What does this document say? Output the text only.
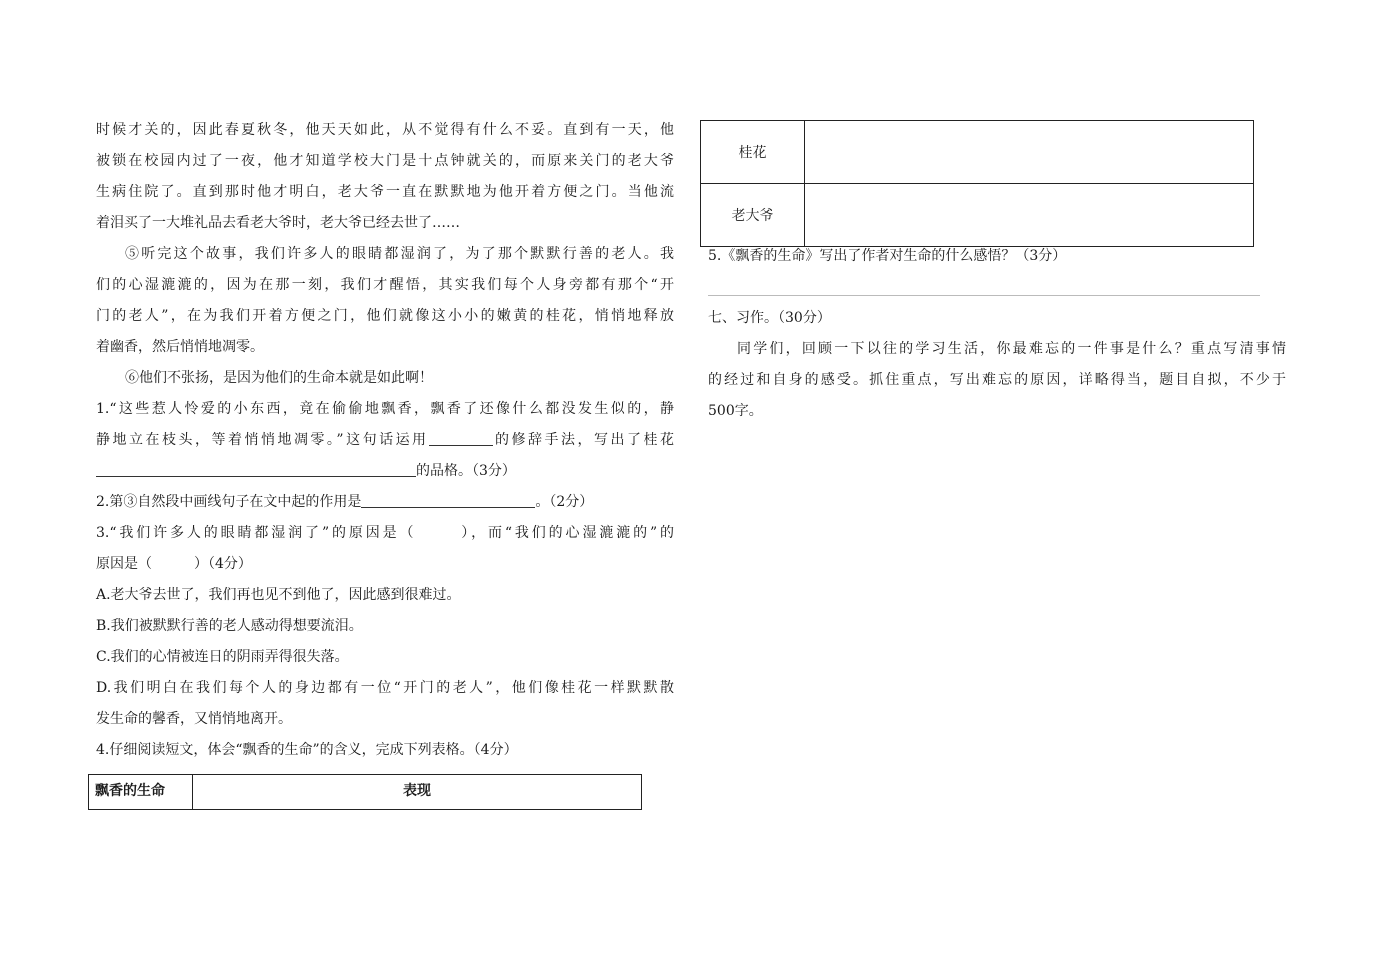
时候才关的，因此春夏秋冬，他天天如此，从不觉得有什么不妥。直到有一天，他
被锁在校园内过了一夜，他才知道学校大门是十点钟就关的，而原来关门的老大爷
生病住院了。直到那时他才明白，老大爷一直在默默地为他开着方便之门。当他流
着泪买了一大堆礼品去看老大爷时，老大爷已经去世了……
⑤听完这个故事，我们许多人的眼睛都湿润了，为了那个默默行善的老人。我
们的心湿漉漉的，因为在那一刻，我们才醒悟，其实我们每个人身旁都有那个“开
门的老人”，在为我们开着方便之门，他们就像这小小的嫩黄的桂花，悄悄地释放
着幽香，然后悄悄地凋零。
⑥他们不张扬，是因为他们的生命本就是如此啊！
1.“这些惹人怜爱的小东西，竟在偷偷地飘香，飘香了还像什么都没发生似的，静
静地立在枝头，等着悄悄地凋零。”这句话运用	的修辞手法，写出了桂花
的品格。（3分）
2.第③自然段中画线句子在文中起的作用是	。（2分）
3.“我们许多人的眼睛都湿润了”的原因是（	），而“我们的心湿漉漉的”的
原因是（	）（4分）
A.老大爷去世了，我们再也见不到他了，因此感到很难过。
B.我们被默默行善的老人感动得想要流泪。
C.我们的心情被连日的阴雨弄得很失落。
D.我们明白在我们每个人的身边都有一位“开门的老人”，他们像桂花一样默默散
发生命的馨香，又悄悄地离开。
4.仔细阅读短文，体会“飘香的生命”的含义，完成下列表格。（4分）
飘香的生命	表现
桂花	
老大爷	
5.《飘香的生命》写出了作者对生命的什么感悟？（3分）
七、习作。（30分）
同学们，回顾一下以往的学习生活，你最难忘的一件事是什么？重点写清事情
的经过和自身的感受。抓住重点，写出难忘的原因，详略得当，题目自拟，不少于
500字。
